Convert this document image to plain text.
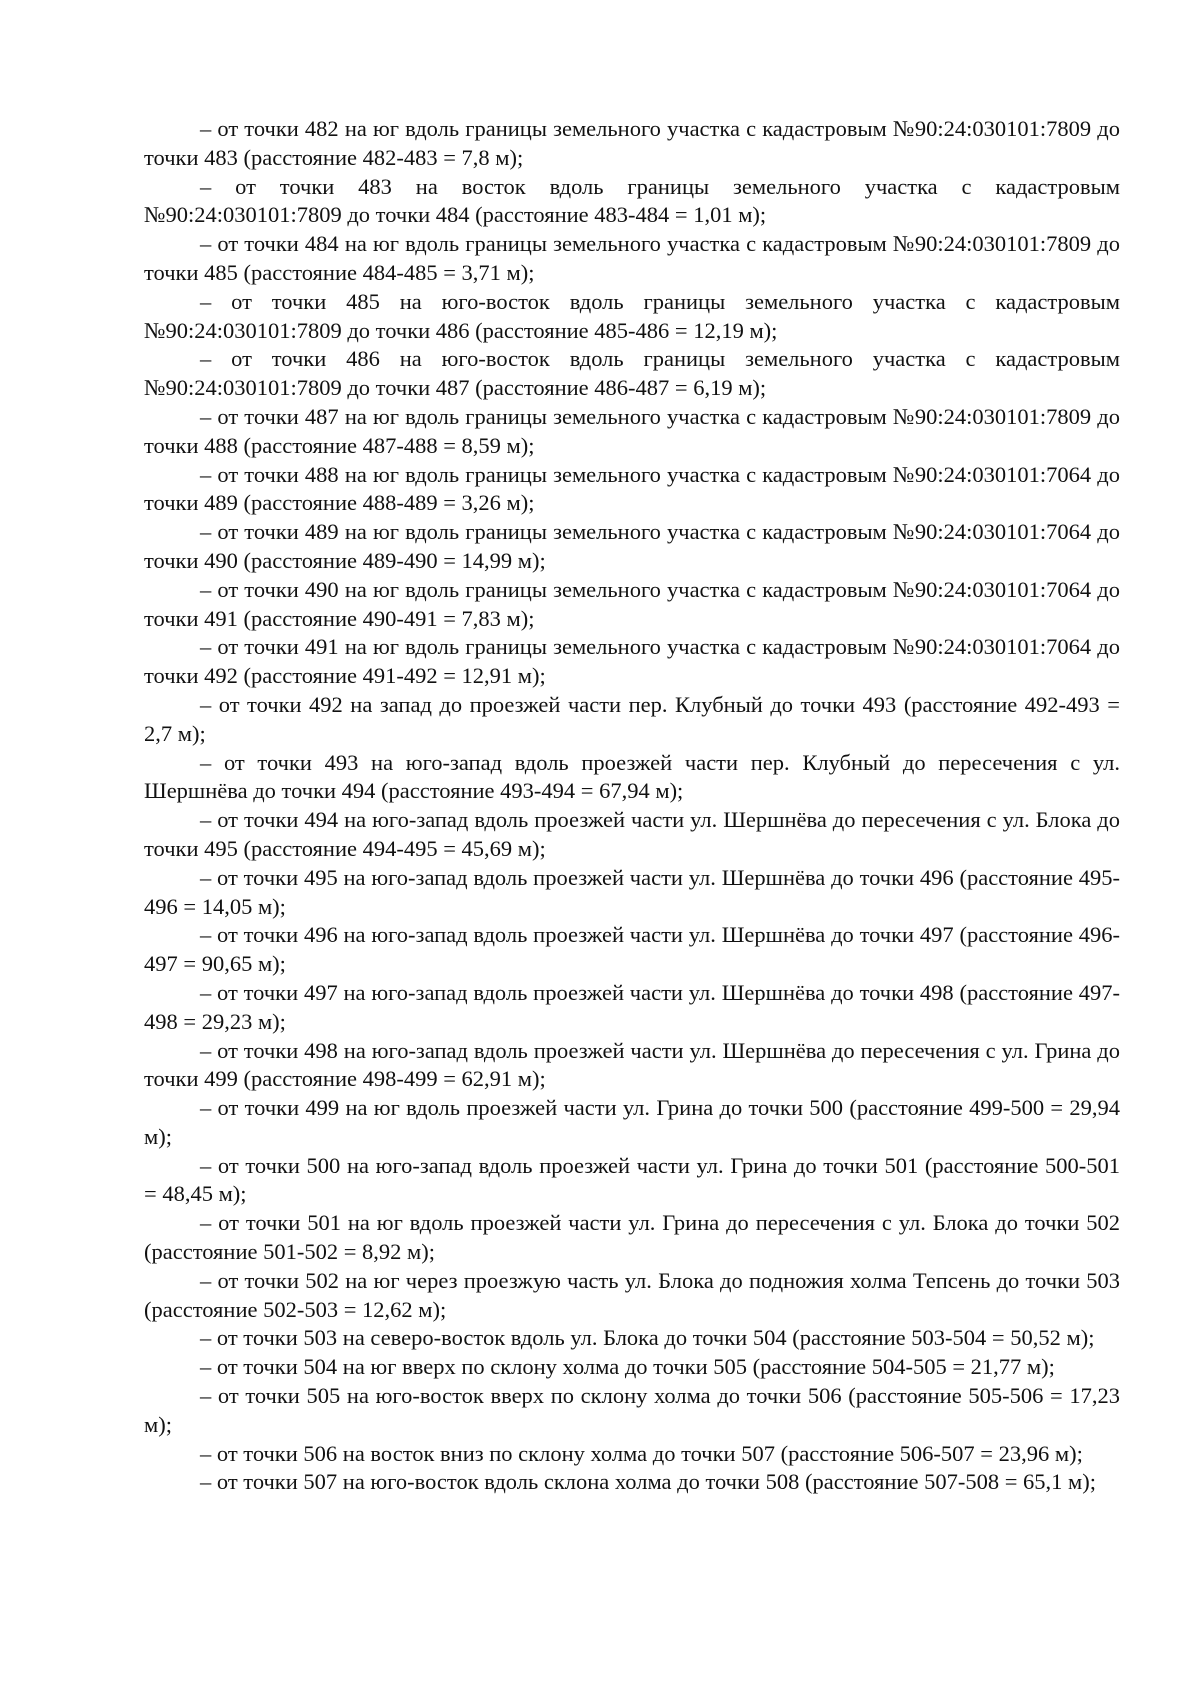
– от точки 482 на юг вдоль границы земельного участка с кадастровым №90:24:030101:7809 до точки 483 (расстояние 482-483 = 7,8 м);

– от точки 483 на восток вдоль границы земельного участка с кадастровым №90:24:030101:7809 до точки 484 (расстояние 483-484 = 1,01 м);

– от точки 484 на юг вдоль границы земельного участка с кадастровым №90:24:030101:7809 до точки 485 (расстояние 484-485 = 3,71 м);

– от точки 485 на юго-восток вдоль границы земельного участка с кадастровым №90:24:030101:7809 до точки 486 (расстояние 485-486 = 12,19 м);

– от точки 486 на юго-восток вдоль границы земельного участка с кадастровым №90:24:030101:7809 до точки 487 (расстояние 486-487 = 6,19 м);

– от точки 487 на юг вдоль границы земельного участка с кадастровым №90:24:030101:7809 до точки 488 (расстояние 487-488 = 8,59 м);

– от точки 488 на юг вдоль границы земельного участка с кадастровым №90:24:030101:7064 до точки 489 (расстояние 488-489 = 3,26 м);

– от точки 489 на юг вдоль границы земельного участка с кадастровым №90:24:030101:7064 до точки 490 (расстояние 489-490 = 14,99 м);

– от точки 490 на юг вдоль границы земельного участка с кадастровым №90:24:030101:7064 до точки 491 (расстояние 490-491 = 7,83 м);

– от точки 491 на юг вдоль границы земельного участка с кадастровым №90:24:030101:7064 до точки 492 (расстояние 491-492 = 12,91 м);

– от точки 492 на запад до проезжей части пер. Клубный до точки 493 (расстояние 492-493 = 2,7 м);

– от точки 493 на юго-запад вдоль проезжей части пер. Клубный до пересечения с ул. Шершнёва до точки 494 (расстояние 493-494 = 67,94 м);

– от точки 494 на юго-запад вдоль проезжей части ул. Шершнёва до пересечения с ул. Блока до точки 495 (расстояние 494-495 = 45,69 м);

– от точки 495 на юго-запад вдоль проезжей части ул. Шершнёва до точки 496 (расстояние 495-496 = 14,05 м);

– от точки 496 на юго-запад вдоль проезжей части ул. Шершнёва до точки 497 (расстояние 496-497 = 90,65 м);

– от точки 497 на юго-запад вдоль проезжей части ул. Шершнёва до точки 498 (расстояние 497-498 = 29,23 м);

– от точки 498 на юго-запад вдоль проезжей части ул. Шершнёва до пересечения с ул. Грина до точки 499 (расстояние 498-499 = 62,91 м);

– от точки 499 на юг вдоль проезжей части ул. Грина до точки 500 (расстояние 499-500 = 29,94 м);

– от точки 500 на юго-запад вдоль проезжей части ул. Грина до точки 501 (расстояние 500-501 = 48,45 м);

– от точки 501 на юг вдоль проезжей части ул. Грина до пересечения с ул. Блока до точки 502 (расстояние 501-502 = 8,92 м);

– от точки 502 на юг через проезжую часть ул. Блока до подножия холма Тепсень до точки 503 (расстояние 502-503 = 12,62 м);

– от точки 503 на северо-восток вдоль ул. Блока до точки 504 (расстояние 503-504 = 50,52 м);

– от точки 504 на юг вверх по склону холма до точки 505 (расстояние 504-505 = 21,77 м);

– от точки 505 на юго-восток вверх по склону холма до точки 506 (расстояние 505-506 = 17,23 м);

– от точки 506 на восток вниз по склону холма до точки 507 (расстояние 506-507 = 23,96 м);

– от точки 507 на юго-восток вдоль склона холма до точки 508 (расстояние 507-508 = 65,1 м);
